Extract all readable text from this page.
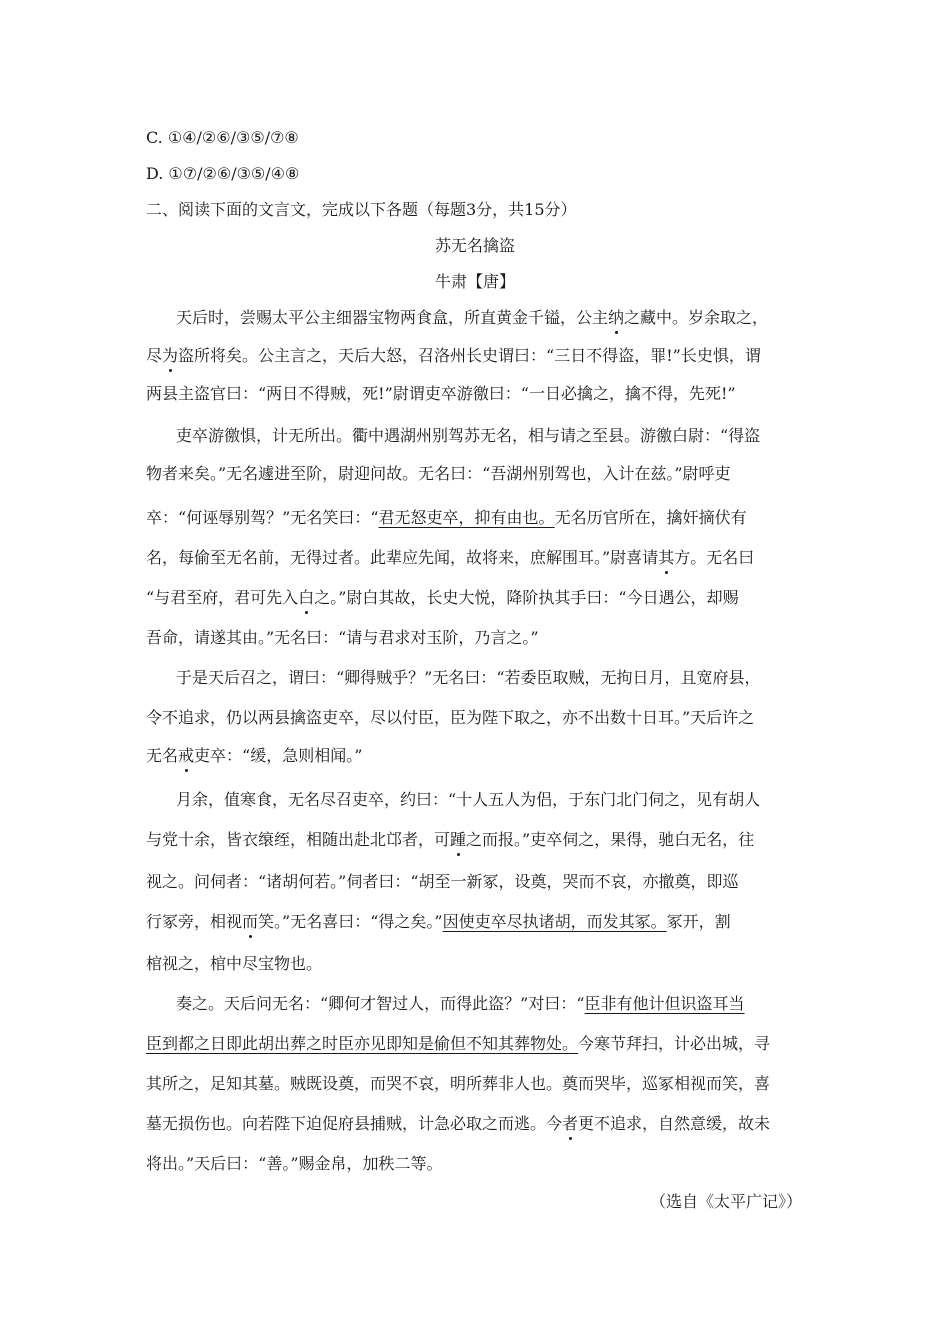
C. ①④/②⑥/③⑤/⑦⑧
D. ①⑦/②⑥/③⑤/④⑧
二、阅读下面的文言文，完成以下各题（每题3分，共15分）
苏无名擒盗
牛肃【唐】
天后时，尝赐太平公主细器宝物两食盒，所直黄金千镒，公主纳之藏中。岁余取之，
尽为盗所将矣。公主言之，天后大怒，召洛州长史谓曰：“三日不得盗，罪!”长史惧，谓
两县主盗官曰：“两日不得贼，死!”尉谓吏卒游徼曰：“一日必擒之，擒不得，先死!”
吏卒游徼惧，计无所出。衢中遇湖州别驾苏无名，相与请之至县。游徼白尉：“得盗
物者来矣。”无名遽进至阶，尉迎问故。无名曰：“吾湖州别驾也，入计在兹。”尉呼吏
卒：“何诬辱别驾？”无名笑曰：“君无怒吏卒，抑有由也。无名历官所在，擒奸摘伏有
名，每偷至无名前，无得过者。此辈应先闻，故将来，庶解围耳。”尉喜请其方。无名曰
“与君至府，君可先入白之。”尉白其故，长史大悦，降阶执其手曰：“今日遇公，却赐
吾命，请遂其由。”无名曰：“请与君求对玉阶，乃言之。”
于是天后召之，谓曰：“卿得贼乎？”无名曰：“若委臣取贼，无拘日月，且宽府县，
令不追求，仍以两县擒盗吏卒，尽以付臣，臣为陛下取之，亦不出数十日耳。”天后许之
无名戒吏卒：“缓，急则相闻。”
月余，值寒食，无名尽召吏卒，约曰：“十人五人为侣，于东门北门伺之，见有胡人
与党十余，皆衣缞绖，相随出赴北邙者，可踵之而报。”吏卒伺之，果得，驰白无名，往
视之。问伺者：“诸胡何若。”伺者曰：“胡至一新冢，设奠，哭而不哀，亦撤奠，即巡
行冢旁，相视而笑。”无名喜曰：“得之矣。”因使吏卒尽执诸胡，而发其冢。冢开，割
棺视之，棺中尽宝物也。
奏之。天后问无名：“卿何才智过人，而得此盗？”对曰：“臣非有他计但识盗耳当
臣到都之日即此胡出葬之时臣亦见即知是偷但不知其葬物处。今寒节拜扫，计必出城，寻
其所之，足知其墓。贼既设奠，而哭不哀，明所葬非人也。奠而哭毕，巡冢相视而笑，喜
墓无损伤也。向若陛下迫促府县捕贼，计急必取之而逃。今者更不追求，自然意缓，故未
将出。”天后曰：“善。”赐金帛，加秩二等。
（选自《太平广记》）
